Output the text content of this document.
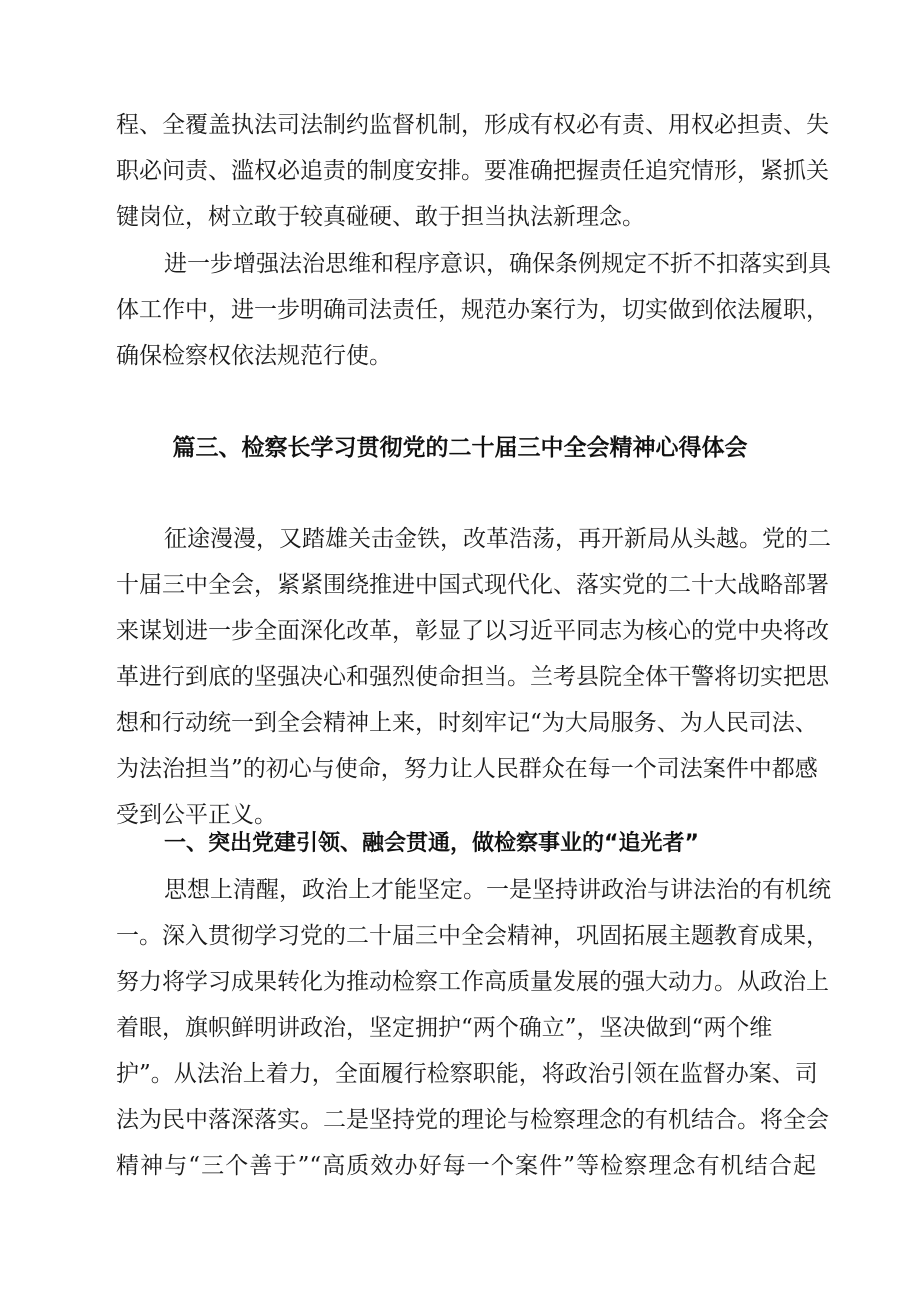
程、全覆盖执法司法制约监督机制，形成有权必有责、用权必担责、失
职必问责、滥权必追责的制度安排。要准确把握责任追究情形，紧抓关
键岗位，树立敢于较真碰硬、敢于担当执法新理念。
进一步增强法治思维和程序意识，确保条例规定不折不扣落实到具
体工作中，进一步明确司法责任，规范办案行为，切实做到依法履职，
确保检察权依法规范行使。
篇三、检察长学习贯彻党的二十届三中全会精神心得体会
征途漫漫，又踏雄关击金铁，改革浩荡，再开新局从头越。党的二
十届三中全会，紧紧围绕推进中国式现代化、落实党的二十大战略部署
来谋划进一步全面深化改革，彰显了以习近平同志为核心的党中央将改
革进行到底的坚强决心和强烈使命担当。兰考县院全体干警将切实把思
想和行动统一到全会精神上来，时刻牢记“为大局服务、为人民司法、
为法治担当”的初心与使命，努力让人民群众在每一个司法案件中都感
受到公平正义。
一、突出党建引领、融会贯通，做检察事业的“追光者”
思想上清醒，政治上才能坚定。一是坚持讲政治与讲法治的有机统
一。深入贯彻学习党的二十届三中全会精神，巩固拓展主题教育成果，
努力将学习成果转化为推动检察工作高质量发展的强大动力。从政治上
着眼，旗帜鲜明讲政治，坚定拥护“两个确立”，坚决做到“两个维
护”。从法治上着力，全面履行检察职能，将政治引领在监督办案、司
法为民中落深落实。二是坚持党的理论与检察理念的有机结合。将全会
精神与“三个善于”“高质效办好每一个案件”等检察理念有机结合起
